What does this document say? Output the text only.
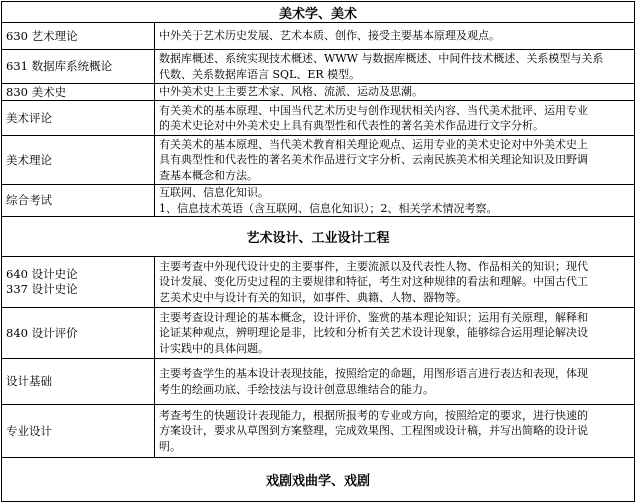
美术学、美术	

630 艺术理论	中外关于艺术历史发展、艺术本质、创作、接受主要基本原理及观点。

631 数据库系统概论	数据库概述、系统实现技术概述、WWW 与数据库概述、中间件技术概述、关系模型与关系
代数、关系数据库语言 SQL、ER 模型。

830 美术史	中外美术史上主要艺术家、风格、流派、运动及思潮。

美术评论	有关美术的基本原理、中国当代艺术历史与创作现状相关内容、当代美术批评、运用专业
的美术史论对中外美术史上具有典型性和代表性的著名美术作品进行文字分析。

美术理论	有关美术的基本原理、当代美术教育相关理论观点、运用专业的美术史论对中外美术史上
具有典型性和代表性的著名美术作品进行文字分析、云南民族美术相关理论知识及田野调
查基本概念和方法。

综合考试	互联网、信息化知识。
1、信息技术英语（含互联网、信息化知识）；2、相关学术情况考察。

艺术设计、工业设计工程	

640 设计史论
337 设计史论	主要考查中外现代设计史的主要事件，主要流派以及代表性人物、作品相关的知识；现代
设计发展、变化历史过程的主要规律和特征，考生对这种规律的看法和理解。中国古代工
艺美术史中与设计有关的知识，如事件、典籍、人物、器物等。

840 设计评价	主要考查设计理论的基本概念，设计评价、鉴赏的基本理论知识；运用有关原理，解释和
论证某种观点，辨明理论是非，比较和分析有关艺术设计现象，能够综合运用理论解决设
计实践中的具体问题。

设计基础	主要考查学生的基本设计表现技能，按照给定的命题，用图形语言进行表达和表现，体现
考生的绘画功底、手绘技法与设计创意思维结合的能力。

专业设计	考查考生的快题设计表现能力，根据所报考的专业或方向，按照给定的要求，进行快速的
方案设计，要求从草图到方案整理，完成效果图、工程图或设计稿，并写出简略的设计说
明。

戏剧戏曲学、戏剧	
